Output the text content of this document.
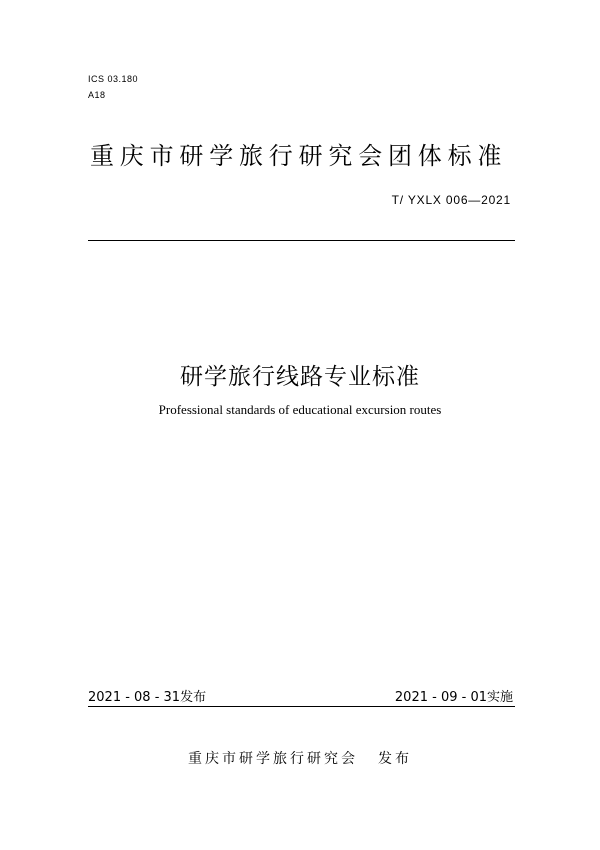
ICS 03.180
A18
重庆市研学旅行研究会团体标准
T/ YXLX 006—2021
研学旅行线路专业标准
Professional standards of educational excursion routes
2021 - 08 - 31发布	2021 - 09 - 01实施
重庆市研学旅行研究会 发布
